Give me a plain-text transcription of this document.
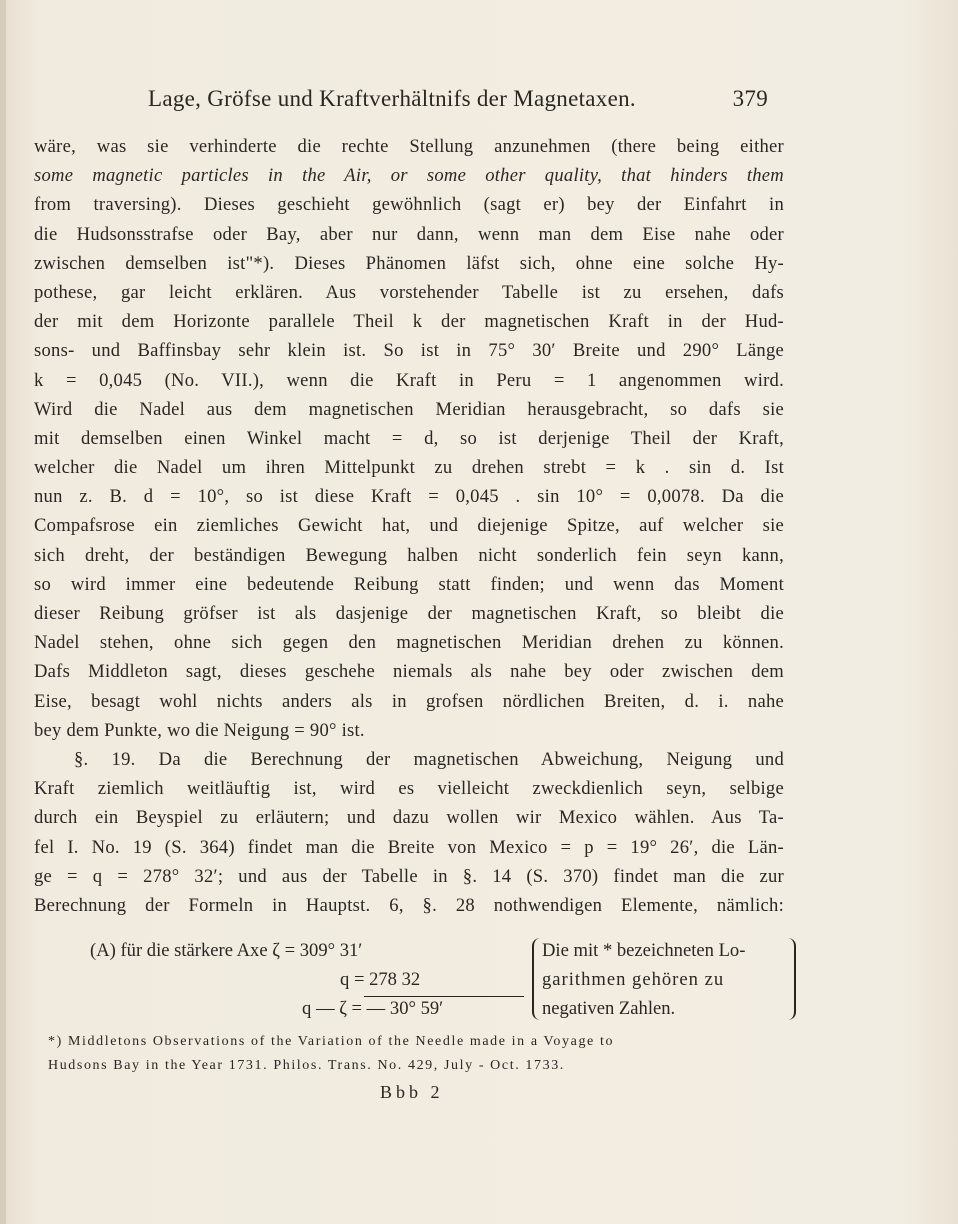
Lage, Gröfse und Kraftverhältnifs der Magnetaxen.	379
wäre, was sie verhinderte die rechte Stellung anzunehmen (there being either
some magnetic particles in the Air, or some other quality, that hinders them
from traversing). Dieses geschieht gewöhnlich (sagt er) bey der Einfahrt in
die Hudsonsstrafse oder Bay, aber nur dann, wenn man dem Eise nahe oder
zwischen demselben ist"*). Dieses Phänomen läfst sich, ohne eine solche Hy-
pothese, gar leicht erklären. Aus vorstehender Tabelle ist zu ersehen, dafs
der mit dem Horizonte parallele Theil k der magnetischen Kraft in der Hud-
sons- und Baffinsbay sehr klein ist. So ist in 75° 30′ Breite und 290° Länge
k = 0,045 (No. VII.), wenn die Kraft in Peru = 1 angenommen wird.
Wird die Nadel aus dem magnetischen Meridian herausgebracht, so dafs sie
mit demselben einen Winkel macht = d, so ist derjenige Theil der Kraft,
welcher die Nadel um ihren Mittelpunkt zu drehen strebt = k . sin d. Ist
nun z. B. d = 10°, so ist diese Kraft = 0,045 . sin 10° = 0,0078. Da die
Compafsrose ein ziemliches Gewicht hat, und diejenige Spitze, auf welcher sie
sich dreht, der beständigen Bewegung halben nicht sonderlich fein seyn kann,
so wird immer eine bedeutende Reibung statt finden; und wenn das Moment
dieser Reibung gröfser ist als dasjenige der magnetischen Kraft, so bleibt die
Nadel stehen, ohne sich gegen den magnetischen Meridian drehen zu können.
Dafs Middleton sagt, dieses geschehe niemals als nahe bey oder zwischen dem
Eise, besagt wohl nichts anders als in grofsen nördlichen Breiten, d. i. nahe
bey dem Punkte, wo die Neigung = 90° ist.
§. 19. Da die Berechnung der magnetischen Abweichung, Neigung und
Kraft ziemlich weitläuftig ist, wird es vielleicht zweckdienlich seyn, selbige
durch ein Beyspiel zu erläutern; und dazu wollen wir Mexico wählen. Aus Ta-
fel I. No. 19 (S. 364) findet man die Breite von Mexico = p = 19° 26′, die Län-
ge = q = 278° 32′; und aus der Tabelle in §. 14 (S. 370) findet man die zur
Berechnung der Formeln in Hauptst. 6, §. 28 nothwendigen Elemente, nämlich:
(A) für die stärkere Axe ζ = 309° 31′
q = 278 32
q — ζ = — 30° 59′
Die mit * bezeichneten Lo-
garithmen gehören zu
negativen Zahlen.
*) Middletons Observations of the Variation of the Needle made in a Voyage to
Hudsons Bay in the Year 1731. Philos. Trans. No. 429, July - Oct. 1733.
Bbb 2
